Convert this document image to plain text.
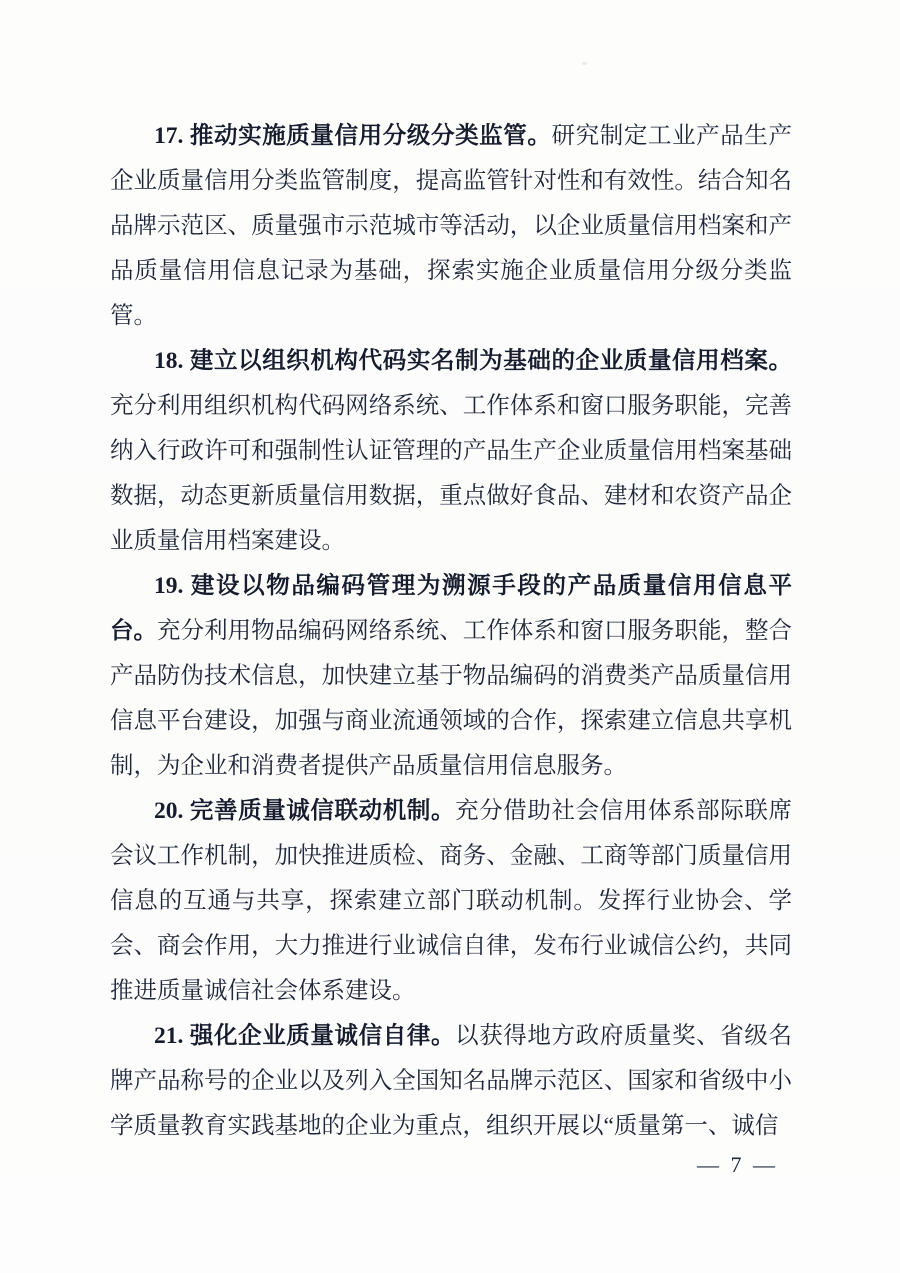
17. 推动实施质量信用分级分类监管。研究制定工业产品生产企业质量信用分类监管制度，提高监管针对性和有效性。结合知名品牌示范区、质量强市示范城市等活动，以企业质量信用档案和产品质量信用信息记录为基础，探索实施企业质量信用分级分类监管。

18. 建立以组织机构代码实名制为基础的企业质量信用档案。充分利用组织机构代码网络系统、工作体系和窗口服务职能，完善纳入行政许可和强制性认证管理的产品生产企业质量信用档案基础数据，动态更新质量信用数据，重点做好食品、建材和农资产品企业质量信用档案建设。

19. 建设以物品编码管理为溯源手段的产品质量信用信息平台。充分利用物品编码网络系统、工作体系和窗口服务职能，整合产品防伪技术信息，加快建立基于物品编码的消费类产品质量信用信息平台建设，加强与商业流通领域的合作，探索建立信息共享机制，为企业和消费者提供产品质量信用信息服务。

20. 完善质量诚信联动机制。充分借助社会信用体系部际联席会议工作机制，加快推进质检、商务、金融、工商等部门质量信用信息的互通与共享，探索建立部门联动机制。发挥行业协会、学会、商会作用，大力推进行业诚信自律，发布行业诚信公约，共同推进质量诚信社会体系建设。

21. 强化企业质量诚信自律。以获得地方政府质量奖、省级名牌产品称号的企业以及列入全国知名品牌示范区、国家和省级中小学质量教育实践基地的企业为重点，组织开展以“质量第一、诚信

— 7 —
